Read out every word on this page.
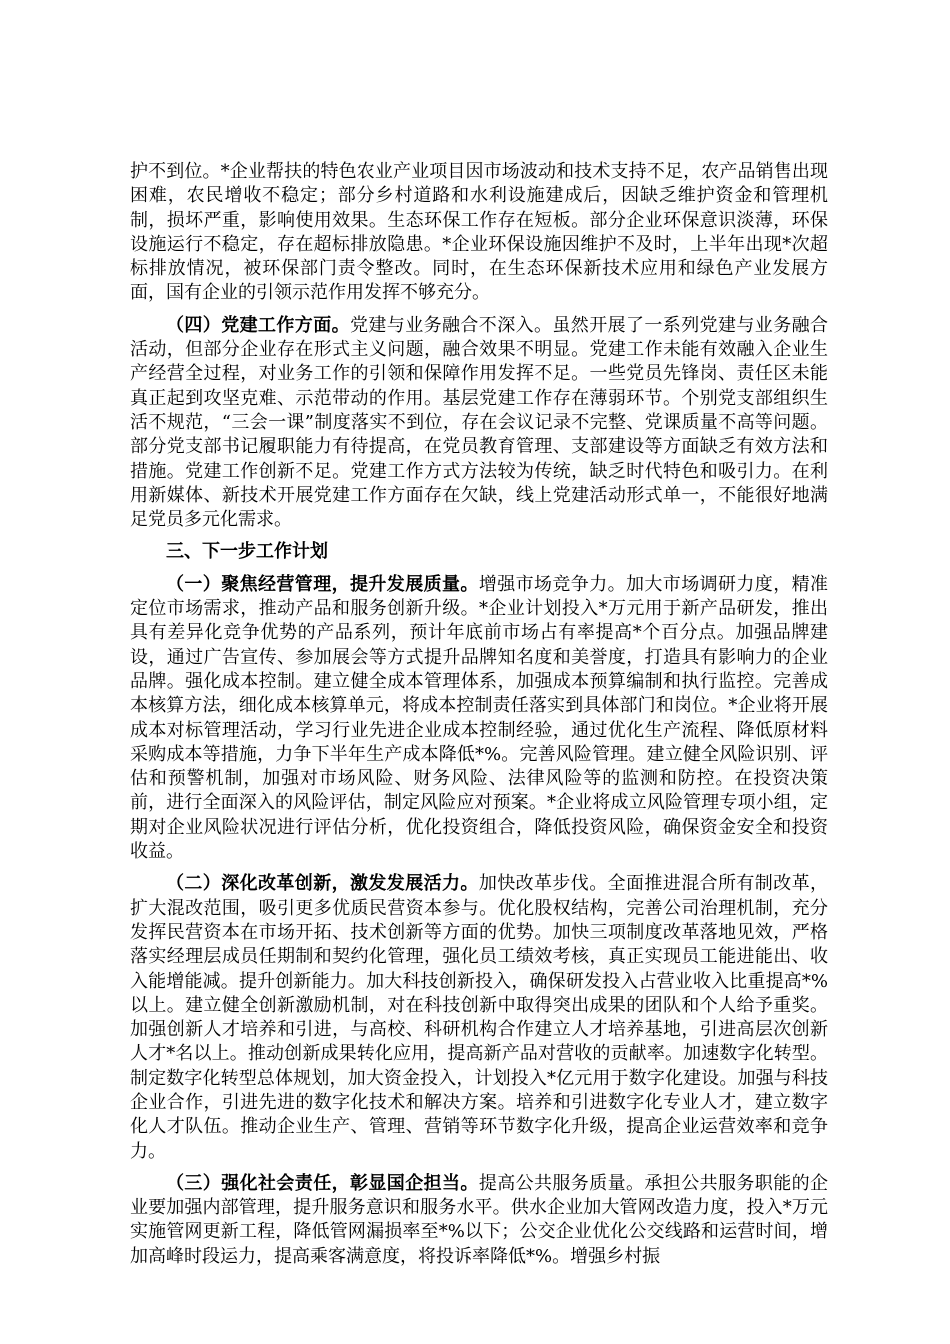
护不到位。*企业帮扶的特色农业产业项目因市场波动和技术支持不足，农产品销售出现困难，农民增收不稳定；部分乡村道路和水利设施建成后，因缺乏维护资金和管理机制，损坏严重，影响使用效果。生态环保工作存在短板。部分企业环保意识淡薄，环保设施运行不稳定，存在超标排放隐患。*企业环保设施因维护不及时，上半年出现*次超标排放情况，被环保部门责令整改。同时，在生态环保新技术应用和绿色产业发展方面，国有企业的引领示范作用发挥不够充分。

（四）党建工作方面。党建与业务融合不深入。虽然开展了一系列党建与业务融合活动，但部分企业存在形式主义问题，融合效果不明显。党建工作未能有效融入企业生产经营全过程，对业务工作的引领和保障作用发挥不足。一些党员先锋岗、责任区未能真正起到攻坚克难、示范带动的作用。基层党建工作存在薄弱环节。个别党支部组织生活不规范，“三会一课”制度落实不到位，存在会议记录不完整、党课质量不高等问题。部分党支部书记履职能力有待提高，在党员教育管理、支部建设等方面缺乏有效方法和措施。党建工作创新不足。党建工作方式方法较为传统，缺乏时代特色和吸引力。在利用新媒体、新技术开展党建工作方面存在欠缺，线上党建活动形式单一，不能很好地满足党员多元化需求。

三、下一步工作计划

（一）聚焦经营管理，提升发展质量。增强市场竞争力。加大市场调研力度，精准定位市场需求，推动产品和服务创新升级。*企业计划投入*万元用于新产品研发，推出具有差异化竞争优势的产品系列，预计年底前市场占有率提高*个百分点。加强品牌建设，通过广告宣传、参加展会等方式提升品牌知名度和美誉度，打造具有影响力的企业品牌。强化成本控制。建立健全成本管理体系，加强成本预算编制和执行监控。完善成本核算方法，细化成本核算单元，将成本控制责任落实到具体部门和岗位。*企业将开展成本对标管理活动，学习行业先进企业成本控制经验，通过优化生产流程、降低原材料采购成本等措施，力争下半年生产成本降低*%。完善风险管理。建立健全风险识别、评估和预警机制，加强对市场风险、财务风险、法律风险等的监测和防控。在投资决策前，进行全面深入的风险评估，制定风险应对预案。*企业将成立风险管理专项小组，定期对企业风险状况进行评估分析，优化投资组合，降低投资风险，确保资金安全和投资收益。

（二）深化改革创新，激发发展活力。加快改革步伐。全面推进混合所有制改革，扩大混改范围，吸引更多优质民营资本参与。优化股权结构，完善公司治理机制，充分发挥民营资本在市场开拓、技术创新等方面的优势。加快三项制度改革落地见效，严格落实经理层成员任期制和契约化管理，强化员工绩效考核，真正实现员工能进能出、收入能增能减。提升创新能力。加大科技创新投入，确保研发投入占营业收入比重提高*%以上。建立健全创新激励机制，对在科技创新中取得突出成果的团队和个人给予重奖。加强创新人才培养和引进，与高校、科研机构合作建立人才培养基地，引进高层次创新人才*名以上。推动创新成果转化应用，提高新产品对营收的贡献率。加速数字化转型。制定数字化转型总体规划，加大资金投入，计划投入*亿元用于数字化建设。加强与科技企业合作，引进先进的数字化技术和解决方案。培养和引进数字化专业人才，建立数字化人才队伍。推动企业生产、管理、营销等环节数字化升级，提高企业运营效率和竞争力。

（三）强化社会责任，彰显国企担当。提高公共服务质量。承担公共服务职能的企业要加强内部管理，提升服务意识和服务水平。供水企业加大管网改造力度，投入*万元实施管网更新工程，降低管网漏损率至*%以下；公交企业优化公交线路和运营时间，增加高峰时段运力，提高乘客满意度，将投诉率降低*%。增强乡村振
